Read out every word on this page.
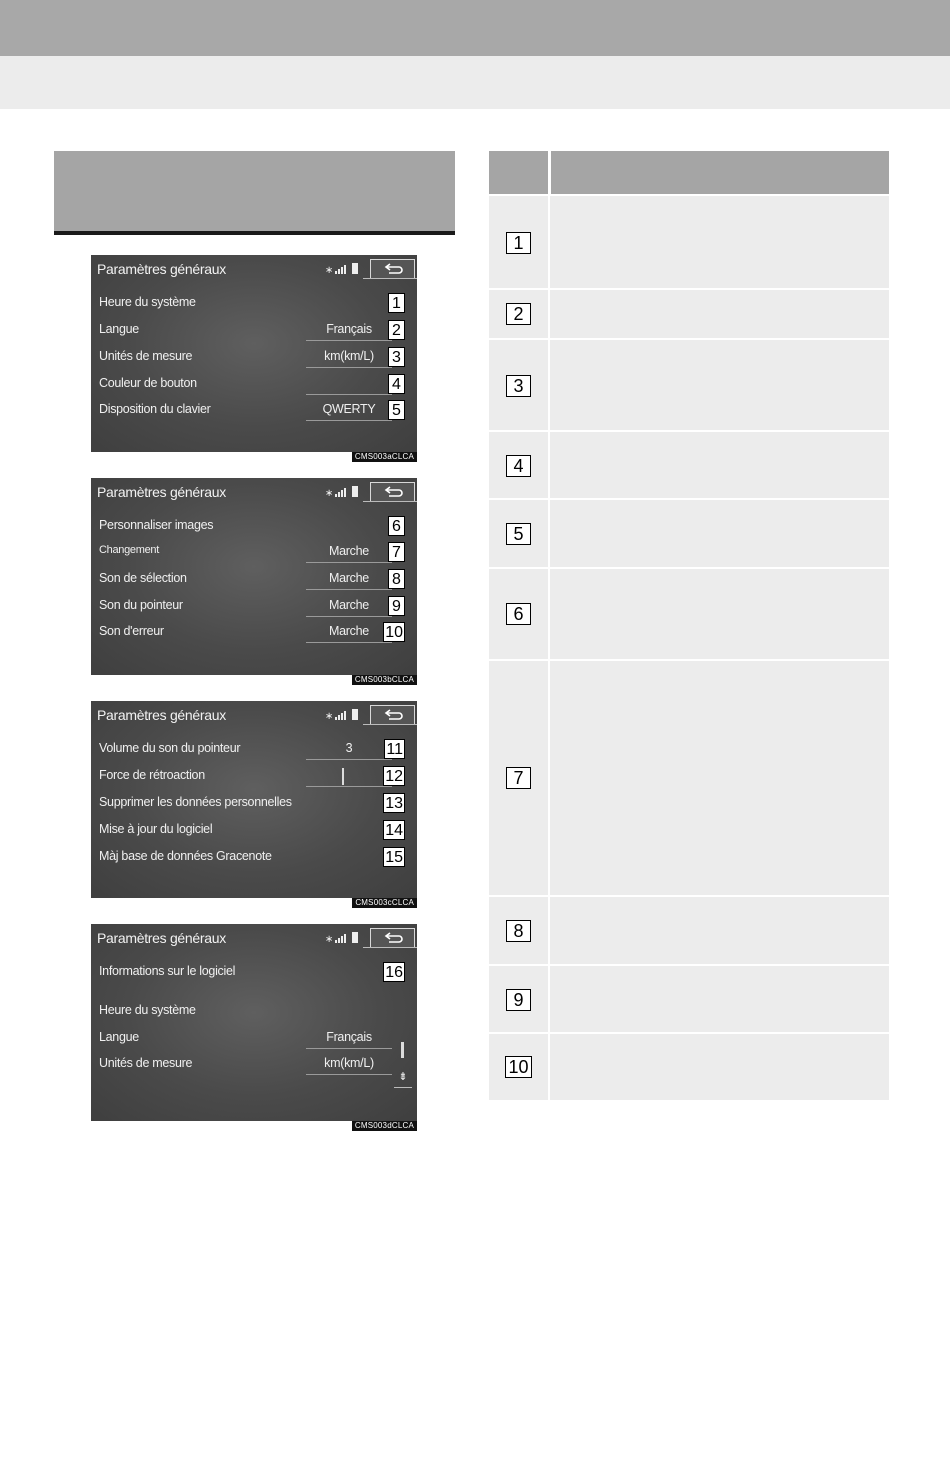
Paramètres généraux	∗
Heure du système	1
Langue	Français	2
Unités de mesure	km(km/L)	3
Couleur de bouton	4
Disposition du clavier	QWERTY	5
CMS003aCLCA
Paramètres généraux	∗
Personnaliser images	6
Changement	Marche	7
Son de sélection	Marche	8
Son du pointeur	Marche	9
Son d'erreur	Marche	10
CMS003bCLCA
Paramètres généraux	∗
Volume du son du pointeur	3	11
Force de rétroaction	12
Supprimer les données personnelles	13
Mise à jour du logiciel	14
Màj base de données Gracenote	15
CMS003cCLCA
Paramètres généraux	∗
Informations sur le logiciel	16
Heure du système
Langue	Français
Unités de mesure	km(km/L)
⇟
CMS003dCLCA
1
2
3
4
5
6
7
8
9
10
